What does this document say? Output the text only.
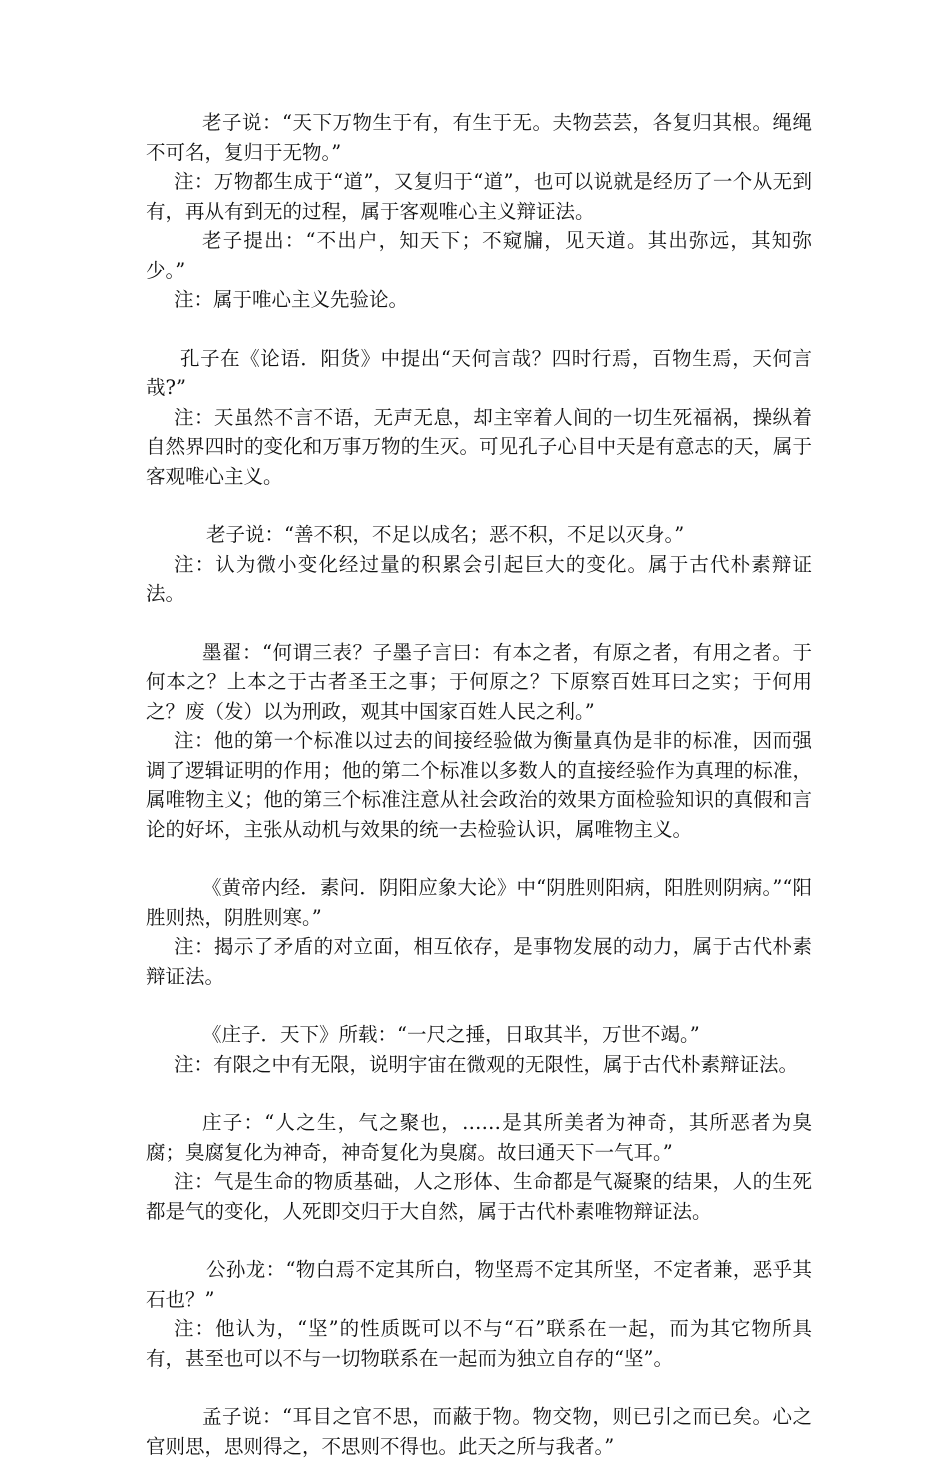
老子说：“天下万物生于有，有生于无。夫物芸芸，各复归其根。绳绳不可名，复归于无物。”

注：万物都生成于“道”，又复归于“道”，也可以说就是经历了一个从无到有，再从有到无的过程，属于客观唯心主义辩证法。

老子提出：“不出户，知天下；不窥牖，见天道。其出弥远，其知弥少。”

注：属于唯心主义先验论。

孔子在《论语．阳货》中提出“天何言哉？四时行焉，百物生焉，天何言哉?”

注：天虽然不言不语，无声无息，却主宰着人间的一切生死福祸，操纵着自然界四时的变化和万事万物的生灭。可见孔子心目中天是有意志的天，属于客观唯心主义。

老子说：“善不积，不足以成名；恶不积，不足以灭身。”

注：认为微小变化经过量的积累会引起巨大的变化。属于古代朴素辩证法。

墨翟：“何谓三表？子墨子言曰：有本之者，有原之者，有用之者。于何本之？上本之于古者圣王之事；于何原之？下原察百姓耳曰之实；于何用之？废（发）以为刑政，观其中国家百姓人民之利。”

注：他的第一个标准以过去的间接经验做为衡量真伪是非的标准，因而强调了逻辑证明的作用；他的第二个标准以多数人的直接经验作为真理的标准，属唯物主义；他的第三个标准注意从社会政治的效果方面检验知识的真假和言论的好坏，主张从动机与效果的统一去检验认识，属唯物主义。

《黄帝内经．素问．阴阳应象大论》中“阴胜则阳病，阳胜则阴病。”“阳胜则热，阴胜则寒。”

注：揭示了矛盾的对立面，相互依存，是事物发展的动力，属于古代朴素辩证法。

《庄子．天下》所载：“一尺之捶，日取其半，万世不竭。”

注：有限之中有无限，说明宇宙在微观的无限性，属于古代朴素辩证法。

庄子：“人之生，气之聚也，……是其所美者为神奇，其所恶者为臭腐；臭腐复化为神奇，神奇复化为臭腐。故曰通天下一气耳。”

注：气是生命的物质基础，人之形体、生命都是气凝聚的结果，人的生死都是气的变化，人死即交归于大自然，属于古代朴素唯物辩证法。

公孙龙：“物白焉不定其所白，物坚焉不定其所坚，不定者兼，恶乎其石也？”

注：他认为，“坚”的性质既可以不与“石”联系在一起，而为其它物所具有，甚至也可以不与一切物联系在一起而为独立自存的“坚”。

孟子说：“耳目之官不思，而蔽于物。物交物，则已引之而已矣。心之官则思，思则得之，不思则不得也。此天之所与我者。”
